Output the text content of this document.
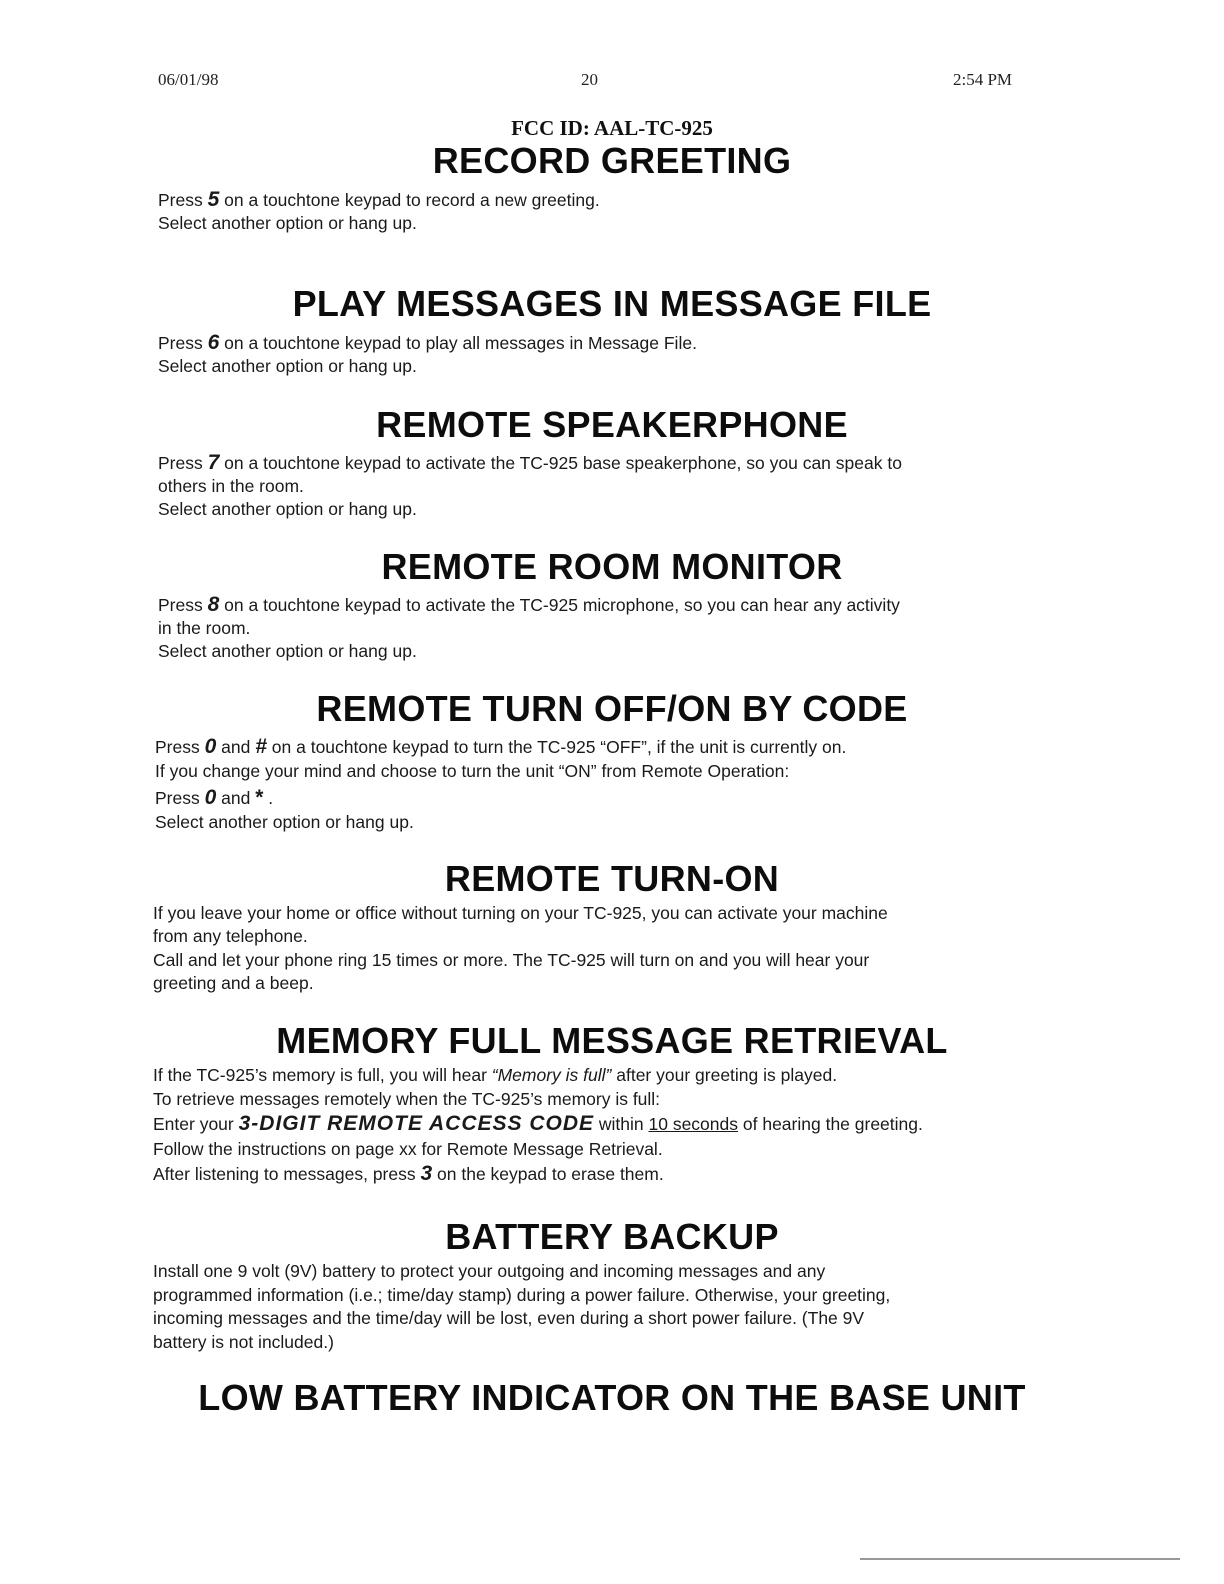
06/01/98	20	2:54 PM
FCC ID: AAL-TC-925
RECORD GREETING
Press 5 on a touchtone keypad to record a new greeting.
Select another option or hang up.
PLAY MESSAGES IN MESSAGE FILE
Press 6 on a touchtone keypad to play all messages in Message File.
Select another option or hang up.
REMOTE SPEAKERPHONE
Press 7 on a touchtone keypad to activate the TC-925 base speakerphone, so you can speak to
others in the room.
Select another option or hang up.
REMOTE ROOM MONITOR
Press 8 on a touchtone keypad to activate the TC-925 microphone, so you can hear any activity
in the room.
Select another option or hang up.
REMOTE TURN OFF/ON BY CODE
Press 0 and # on a touchtone keypad to turn the TC-925 “OFF”, if the unit is currently on.
If you change your mind and choose to turn the unit “ON” from Remote Operation:
Press 0 and * .
Select another option or hang up.
REMOTE TURN-ON
If you leave your home or office without turning on your TC-925, you can activate your machine
from any telephone.
Call and let your phone ring 15 times or more. The TC-925 will turn on and you will hear your
greeting and a beep.
MEMORY FULL MESSAGE RETRIEVAL
If the TC-925’s memory is full, you will hear “Memory is full” after your greeting is played.
To retrieve messages remotely when the TC-925’s memory is full:
Enter your 3-DIGIT REMOTE ACCESS CODE within 10 seconds of hearing the greeting.
Follow the instructions on page xx for Remote Message Retrieval.
After listening to messages, press 3 on the keypad to erase them.
BATTERY BACKUP
Install one 9 volt (9V) battery to protect your outgoing and incoming messages and any
programmed information (i.e.; time/day stamp) during a power failure. Otherwise, your greeting,
incoming messages and the time/day will be lost, even during a short power failure. (The 9V
battery is not included.)
LOW BATTERY INDICATOR ON THE BASE UNIT
